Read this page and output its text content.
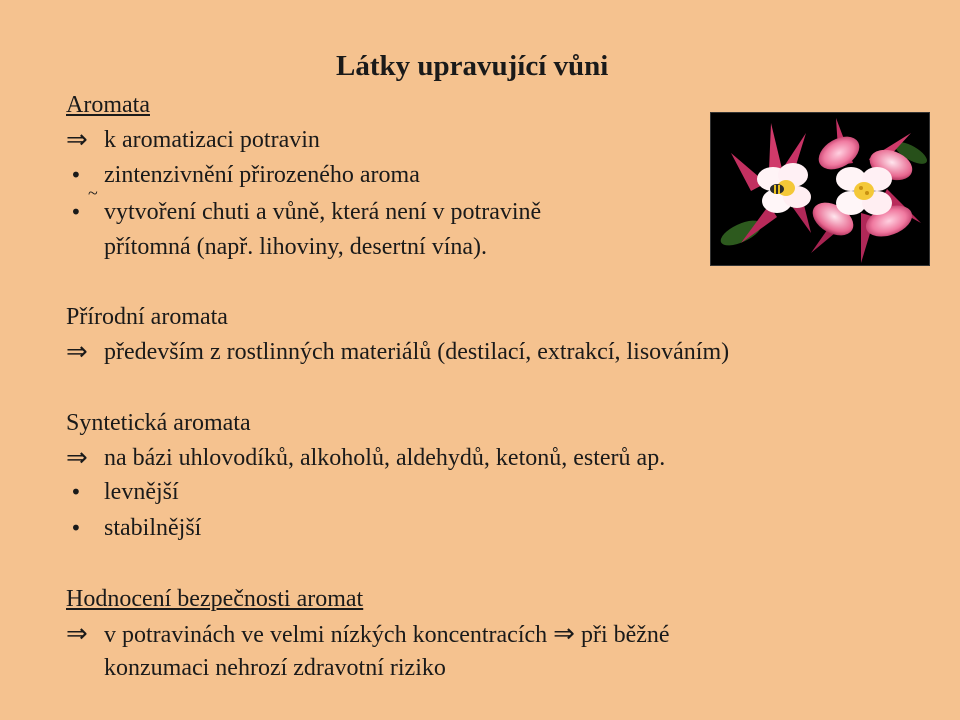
Látky upravující vůni
Aromata
⇒ k aromatizaci potravin
• zintenzivnění přirozeného aroma
•
~
vytvoření chuti a vůně, která není v potravině
přítomná (např. lihoviny, desertní vína).
Přírodní aromata
⇒ především z rostlinných materiálů (destilací, extrakcí, lisováním)
Syntetická aromata
⇒ na bázi uhlovodíků, alkoholů, aldehydů, ketonů, esterů ap.
• levnější
• stabilnější
Hodnocení bezpečnosti aromat
⇒ v potravinách ve velmi nízkých koncentracích ⇒ při běžné
konzumaci nehrozí zdravotní riziko
